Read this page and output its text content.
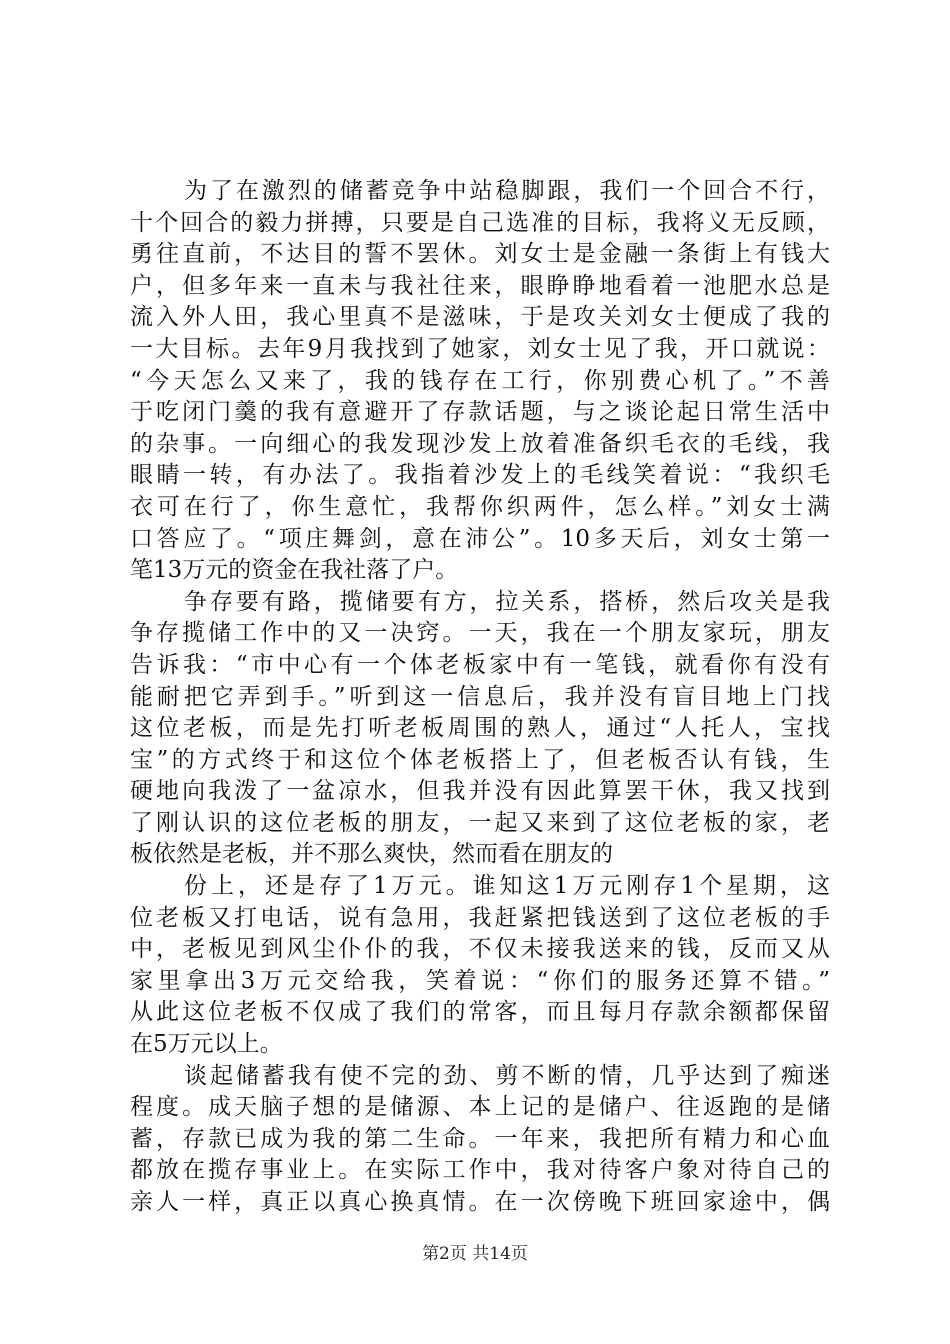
为了在激烈的储蓄竞争中站稳脚跟，我们一个回合不行，
十个回合的毅力拼搏，只要是自己选准的目标，我将义无反顾，
勇往直前，不达目的誓不罢休。刘女士是金融一条街上有钱大
户，但多年来一直未与我社往来，眼睁睁地看着一池肥水总是
流入外人田，我心里真不是滋味，于是攻关刘女士便成了我的
一大目标。去年9月我找到了她家，刘女士见了我，开口就说：
“今天怎么又来了，我的钱存在工行，你别费心机了。”不善
于吃闭门羹的我有意避开了存款话题，与之谈论起日常生活中
的杂事。一向细心的我发现沙发上放着准备织毛衣的毛线，我
眼睛一转，有办法了。我指着沙发上的毛线笑着说：“我织毛
衣可在行了，你生意忙，我帮你织两件，怎么样。”刘女士满
口答应了。“项庄舞剑，意在沛公”。10多天后，刘女士第一
笔13万元的资金在我社落了户。
争存要有路，揽储要有方，拉关系，搭桥，然后攻关是我
争存揽储工作中的又一决窍。一天，我在一个朋友家玩，朋友
告诉我：“市中心有一个体老板家中有一笔钱，就看你有没有
能耐把它弄到手。”听到这一信息后，我并没有盲目地上门找
这位老板，而是先打听老板周围的熟人，通过“人托人，宝找
宝”的方式终于和这位个体老板搭上了，但老板否认有钱，生
硬地向我泼了一盆凉水，但我并没有因此算罢干休，我又找到
了刚认识的这位老板的朋友，一起又来到了这位老板的家，老
板依然是老板，并不那么爽快，然而看在朋友的
份上，还是存了1万元。谁知这1万元刚存1个星期，这
位老板又打电话，说有急用，我赶紧把钱送到了这位老板的手
中，老板见到风尘仆仆的我，不仅未接我送来的钱，反而又从
家里拿出3万元交给我，笑着说：“你们的服务还算不错。”
从此这位老板不仅成了我们的常客，而且每月存款余额都保留
在5万元以上。
谈起储蓄我有使不完的劲、剪不断的情，几乎达到了痴迷
程度。成天脑子想的是储源、本上记的是储户、往返跑的是储
蓄，存款已成为我的第二生命。一年来，我把所有精力和心血
都放在揽存事业上。在实际工作中，我对待客户象对待自己的
亲人一样，真正以真心换真情。在一次傍晚下班回家途中，偶
第2页 共14页
